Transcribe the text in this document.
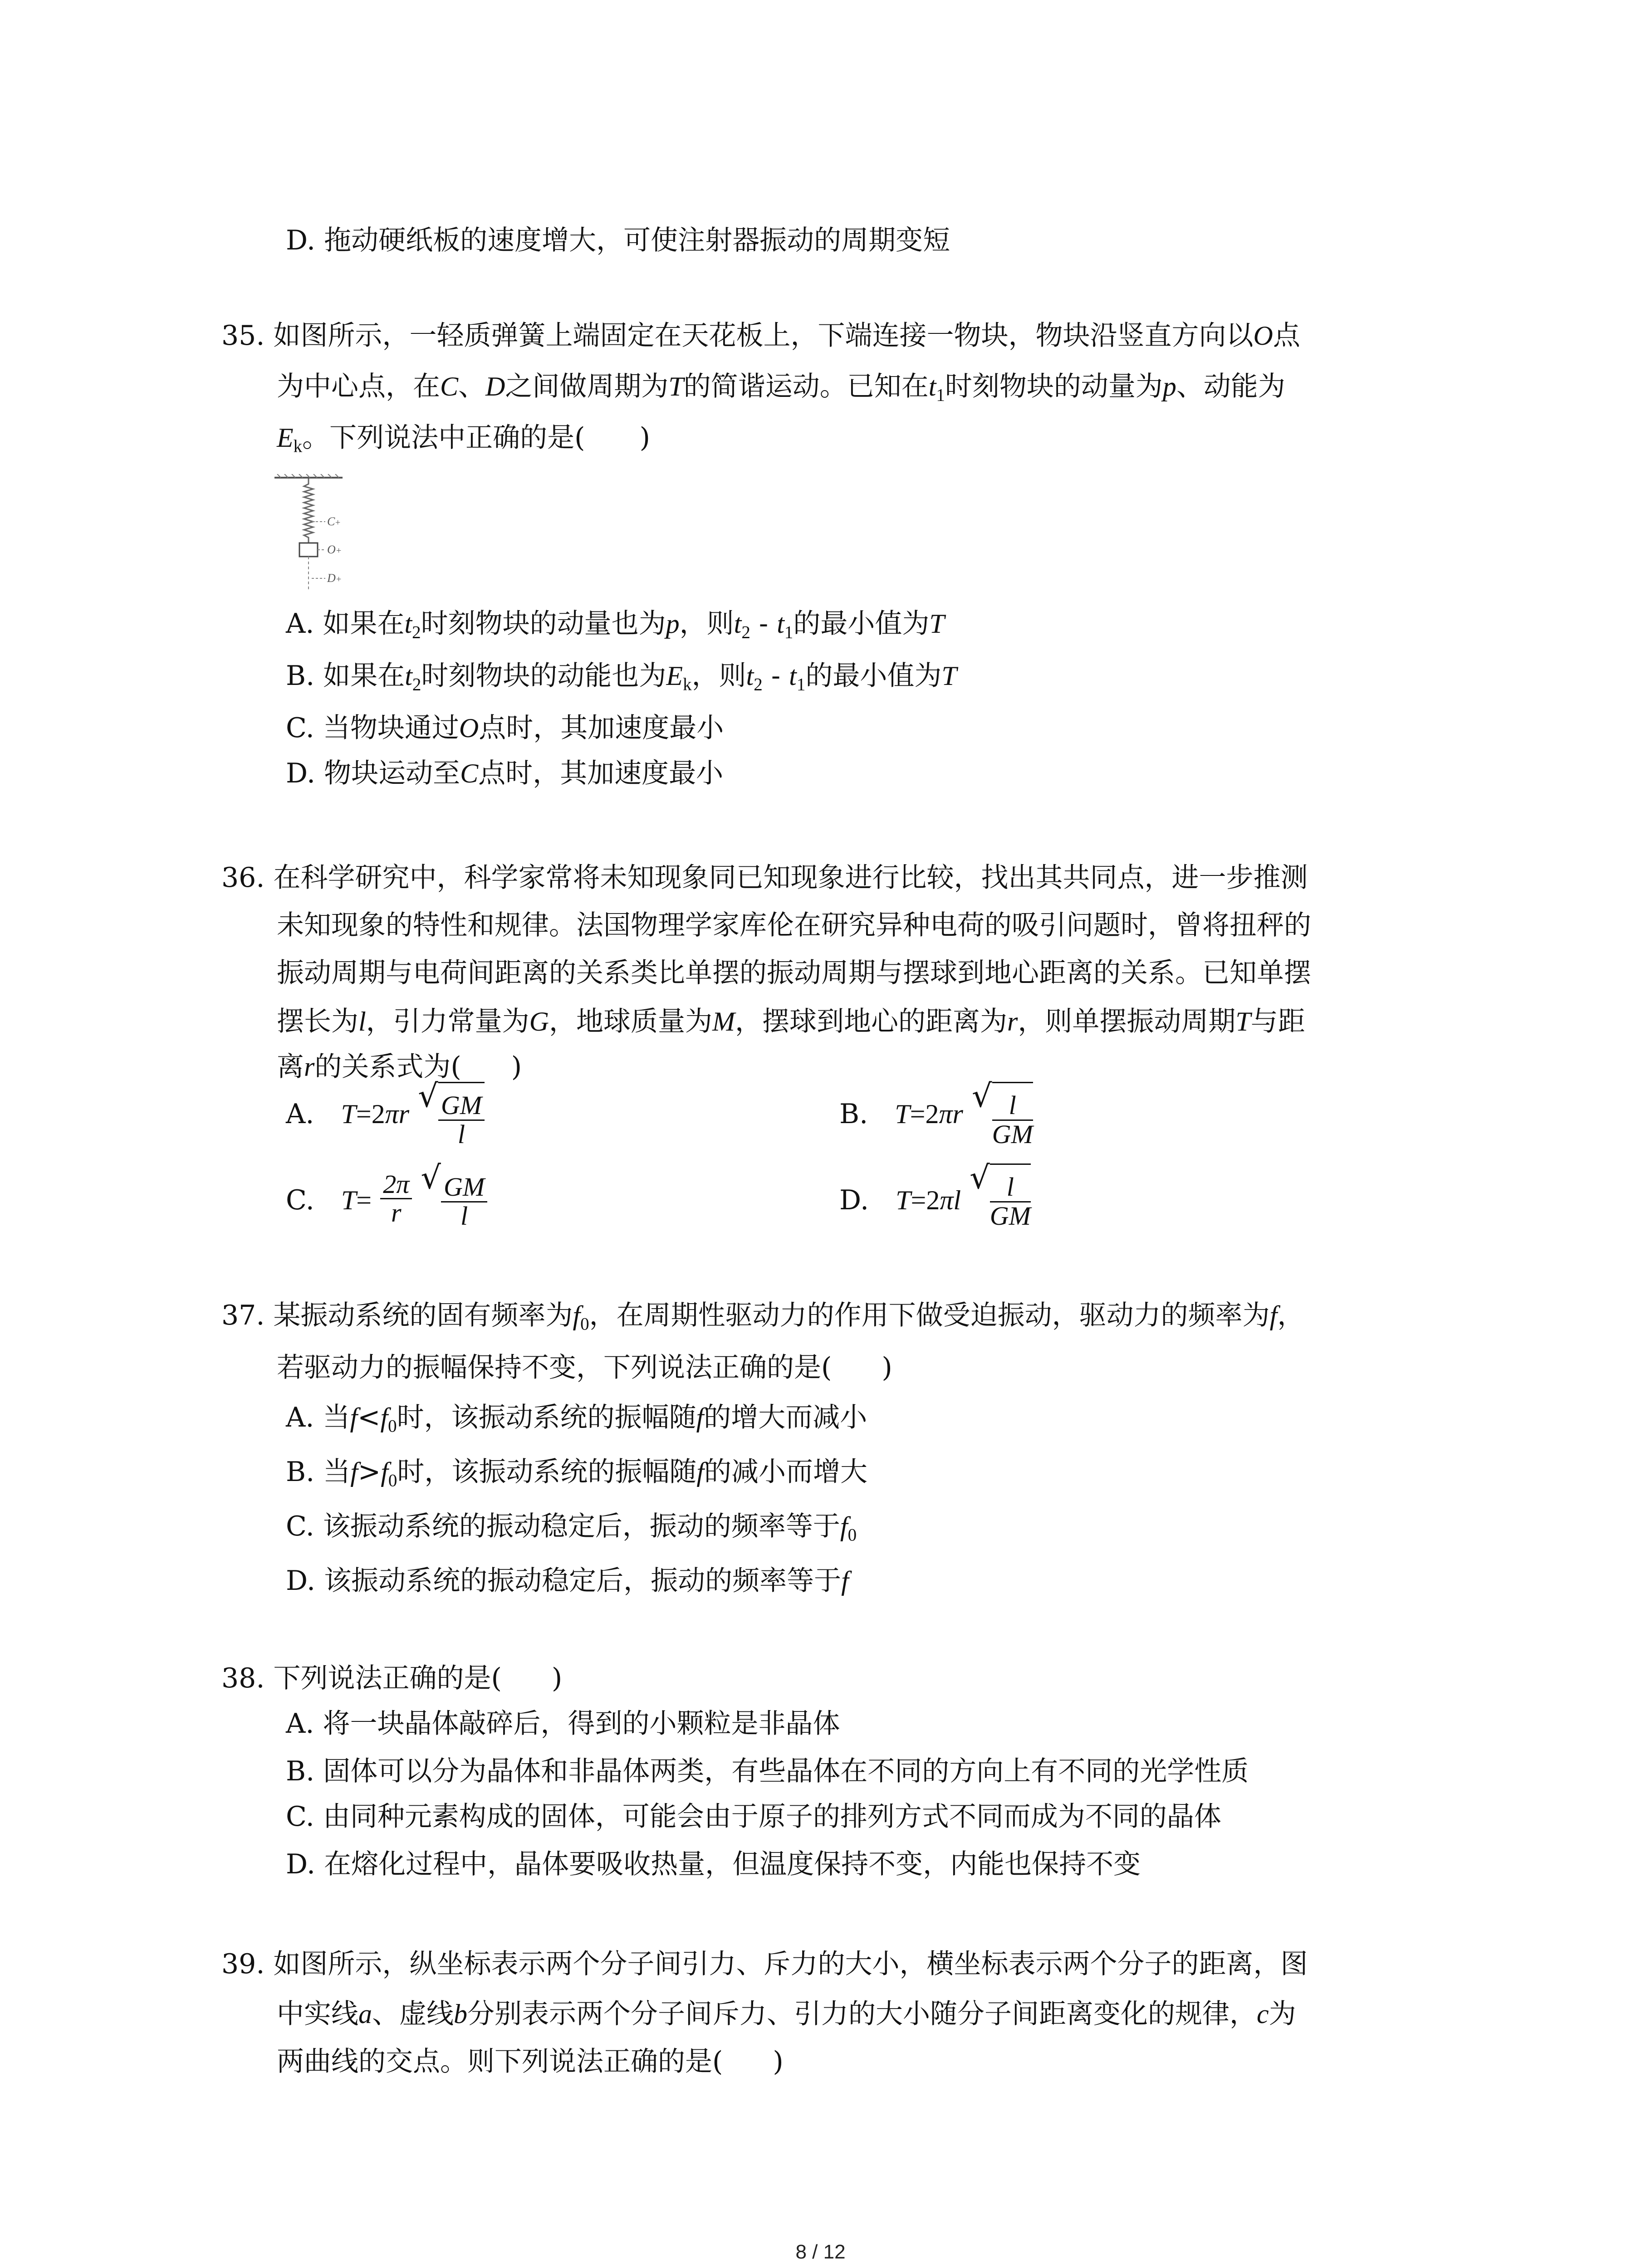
D. 拖动硬纸板的速度增大，可使注射器振动的周期变短
35. 如图所示，一轻质弹簧上端固定在天花板上，下端连接一物块，物块沿竖直方向以O点
为中心点，在C、D之间做周期为T的简谐运动。已知在$t_1$时刻物块的动量为p、动能为
$E_k$。下列说法中正确的是( )
C +
O +
D +
A. 如果在$t_2$时刻物块的动量也为p，则$t_2 - t_1$的最小值为T
B. 如果在$t_2$时刻物块的动能也为$E_k$，则$t_2 - t_1$的最小值为T
C. 当物块通过O点时，其加速度最小
D. 物块运动至C点时，其加速度最小
36. 在科学研究中，科学家常将未知现象同已知现象进行比较，找出其共同点，进一步推测
未知现象的特性和规律。法国物理学家库伦在研究异种电荷的吸引问题时，曾将扭秤的
振动周期与电荷间距离的关系类比单摆的振动周期与摆球到地心距离的关系。已知单摆
摆长为l，引力常量为G，地球质量为M，摆球到地心的距离为r，则单摆振动周期T与距
离r的关系式为( )
A. T=2πr √ $\frac{GM}{l}$	B. T=2πr √ $\frac{l}{GM}$
C. $T= \frac{2\pi}{r}$ √ $\frac{GM}{l}$	D. T=2πl √ $\frac{l}{GM}$
37. 某振动系统的固有频率为$f_0$，在周期性驱动力的作用下做受迫振动，驱动力的频率为f，
若驱动力的振幅保持不变，下列说法正确的是( )
A. 当$f<f_0$时，该振动系统的振幅随f的增大而减小
B. 当$f>f_0$时，该振动系统的振幅随f的减小而增大
C. 该振动系统的振动稳定后，振动的频率等于$f_0$
D. 该振动系统的振动稳定后，振动的频率等于f
38. 下列说法正确的是( )
A. 将一块晶体敲碎后，得到的小颗粒是非晶体
B. 固体可以分为晶体和非晶体两类，有些晶体在不同的方向上有不同的光学性质
C. 由同种元素构成的固体，可能会由于原子的排列方式不同而成为不同的晶体
D. 在熔化过程中，晶体要吸收热量，但温度保持不变，内能也保持不变
39. 如图所示，纵坐标表示两个分子间引力、斥力的大小，横坐标表示两个分子的距离，图
中实线a、虚线b分别表示两个分子间斥力、引力的大小随分子间距离变化的规律，c为
两曲线的交点。则下列说法正确的是( )
8 / 12
